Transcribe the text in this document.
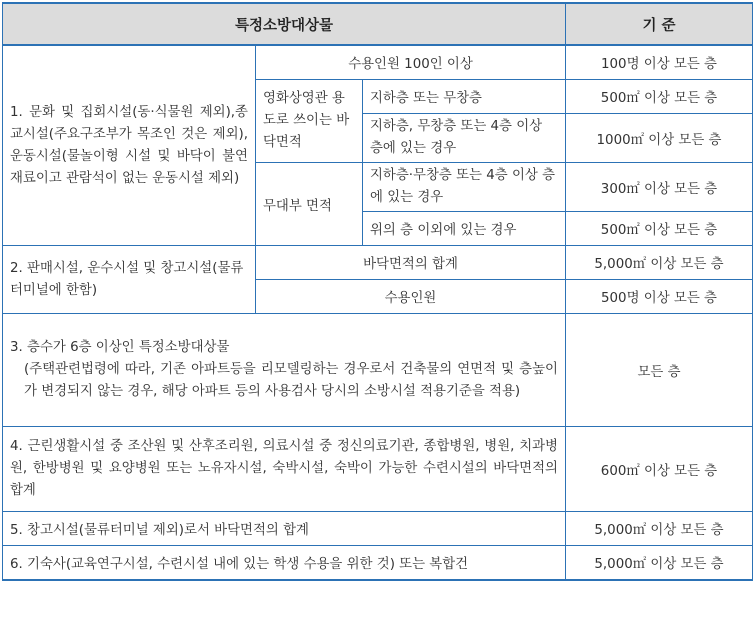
특정소방대상물			기 준
1. 문화 및 집회시설(동·식물원 제외),종교시설(주요구조부가 목조인 것은 제외), 운동시설(물놀이형 시설 및 바닥이 불연재료이고 관람석이 없는 운동시설 제외)	수용인원 100인 이상		100명 이상 모든 층
	영화상영관 용도로 쓰이는 바닥면적	지하층 또는 무창층	500㎡ 이상 모든 층
		지하층, 무창층 또는 4층 이상 층에 있는 경우	1000㎡ 이상 모든 층
	무대부 면적	지하층·무창층 또는 4층 이상 층에 있는 경우	300㎡ 이상 모든 층
		위의 층 이외에 있는 경우	500㎡ 이상 모든 층
2. 판매시설, 운수시설 및 창고시설(물류터미널에 한함)	바닥면적의 합계		5,000㎡ 이상 모든 층
	수용인원		500명 이상 모든 층

3. 층수가 6층 이상인 특정소방대상물
(주택관련법령에 따라, 기존 아파트등을 리모델링하는 경우로서 건축물의 연면적 및 층높이가 변경되지 않는 경우, 해당 아파트 등의 사용검사 당시의 소방시설 적용기준을 적용)			모든 층
4. 근린생활시설 중 조산원 및 산후조리원, 의료시설 중 정신의료기관, 종합병원, 병원, 치과병원, 한방병원 및 요양병원 또는 노유자시설, 숙박시설, 숙박이 가능한 수련시설의 바닥면적의 합계			600㎡ 이상 모든 층
5. 창고시설(물류터미널 제외)로서 바닥면적의 합계			5,000㎡ 이상 모든 층
6. 기숙사(교육연구시설, 수련시설 내에 있는 학생 수용을 위한 것) 또는 복합건			5,000㎡ 이상 모든 층
